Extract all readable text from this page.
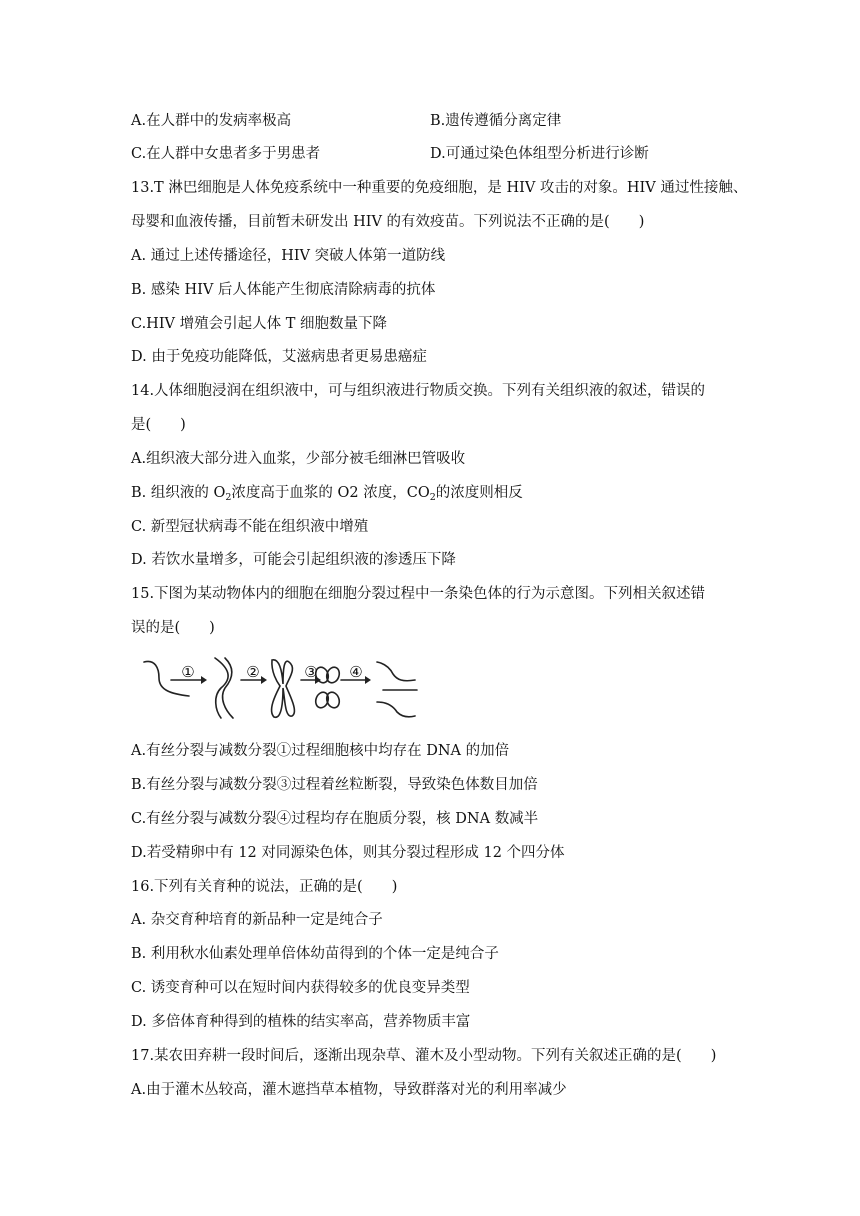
A.在人群中的发病率极高	B.遗传遵循分离定律
C.在人群中女患者多于男患者	D.可通过染色体组型分析进行诊断
13.T 淋巴细胞是人体免疫系统中一种重要的免疫细胞，是 HIV 攻击的对象。HIV 通过性接触、
母婴和血液传播，目前暂未研发出 HIV 的有效疫苗。下列说法不正确的是(　　)
A. 通过上述传播途径，HIV 突破人体第一道防线
B. 感染 HIV 后人体能产生彻底清除病毒的抗体
C.HIV 增殖会引起人体 T 细胞数量下降
D. 由于免疫功能降低，艾滋病患者更易患癌症
14.人体细胞浸润在组织液中，可与组织液进行物质交换。下列有关组织液的叙述，错误的
是(　　)
A.组织液大部分进入血浆，少部分被毛细淋巴管吸收
B. 组织液的 $O_2$浓度高于血浆的 O2 浓度，$CO_2$的浓度则相反
C. 新型冠状病毒不能在组织液中增殖
D. 若饮水量增多，可能会引起组织液的渗透压下降
15.下图为某动物体内的细胞在细胞分裂过程中一条染色体的行为示意图。下列相关叙述错
误的是(　　)
①	②	③ ④
A.有丝分裂与减数分裂①过程细胞核中均存在 DNA 的加倍
B.有丝分裂与减数分裂③过程着丝粒断裂，导致染色体数目加倍
C.有丝分裂与减数分裂④过程均存在胞质分裂，核 DNA 数减半
D.若受精卵中有 12 对同源染色体，则其分裂过程形成 12 个四分体
16.下列有关育种的说法，正确的是(　　)
A. 杂交育种培育的新品种一定是纯合子
B. 利用秋水仙素处理单倍体幼苗得到的个体一定是纯合子
C. 诱变育种可以在短时间内获得较多的优良变异类型
D. 多倍体育种得到的植株的结实率高，营养物质丰富
17.某农田弃耕一段时间后，逐渐出现杂草、灌木及小型动物。下列有关叙述正确的是(　　)
A.由于灌木丛较高，灌木遮挡草本植物，导致群落对光的利用率减少
